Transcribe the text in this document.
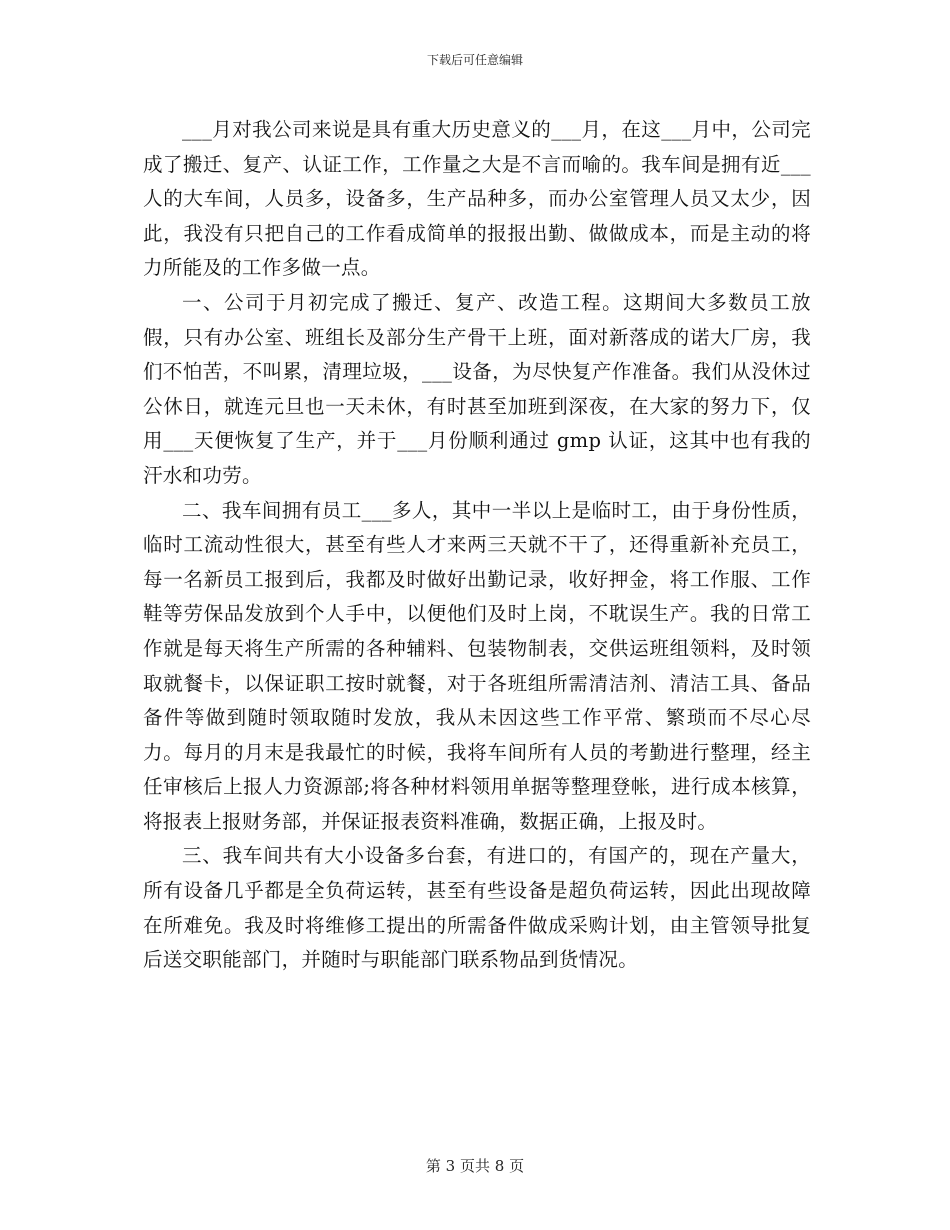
下载后可任意编辑

___月对我公司来说是具有重大历史意义的___月，在这___月中，公司完成了搬迁、复产、认证工作，工作量之大是不言而喻的。我车间是拥有近___人的大车间，人员多，设备多，生产品种多，而办公室管理人员又太少，因此，我没有只把自己的工作看成简单的报报出勤、做做成本，而是主动的将力所能及的工作多做一点。

一、公司于月初完成了搬迁、复产、改造工程。这期间大多数员工放假，只有办公室、班组长及部分生产骨干上班，面对新落成的诺大厂房，我们不怕苦，不叫累，清理垃圾，___设备，为尽快复产作准备。我们从没休过公休日，就连元旦也一天未休，有时甚至加班到深夜，在大家的努力下，仅用___天便恢复了生产，并于___月份顺利通过 gmp 认证，这其中也有我的汗水和功劳。

二、我车间拥有员工___多人，其中一半以上是临时工，由于身份性质，临时工流动性很大，甚至有些人才来两三天就不干了，还得重新补充员工，每一名新员工报到后，我都及时做好出勤记录，收好押金，将工作服、工作鞋等劳保品发放到个人手中，以便他们及时上岗，不耽误生产。我的日常工作就是每天将生产所需的各种辅料、包装物制表，交供运班组领料，及时领取就餐卡，以保证职工按时就餐，对于各班组所需清洁剂、清洁工具、备品备件等做到随时领取随时发放，我从未因这些工作平常、繁琐而不尽心尽力。每月的月末是我最忙的时候，我将车间所有人员的考勤进行整理，经主任审核后上报人力资源部;将各种材料领用单据等整理登帐，进行成本核算，将报表上报财务部，并保证报表资料准确，数据正确，上报及时。

三、我车间共有大小设备多台套，有进口的，有国产的，现在产量大，所有设备几乎都是全负荷运转，甚至有些设备是超负荷运转，因此出现故障在所难免。我及时将维修工提出的所需备件做成采购计划，由主管领导批复后送交职能部门，并随时与职能部门联系物品到货情况。

第 3 页共 8 页
